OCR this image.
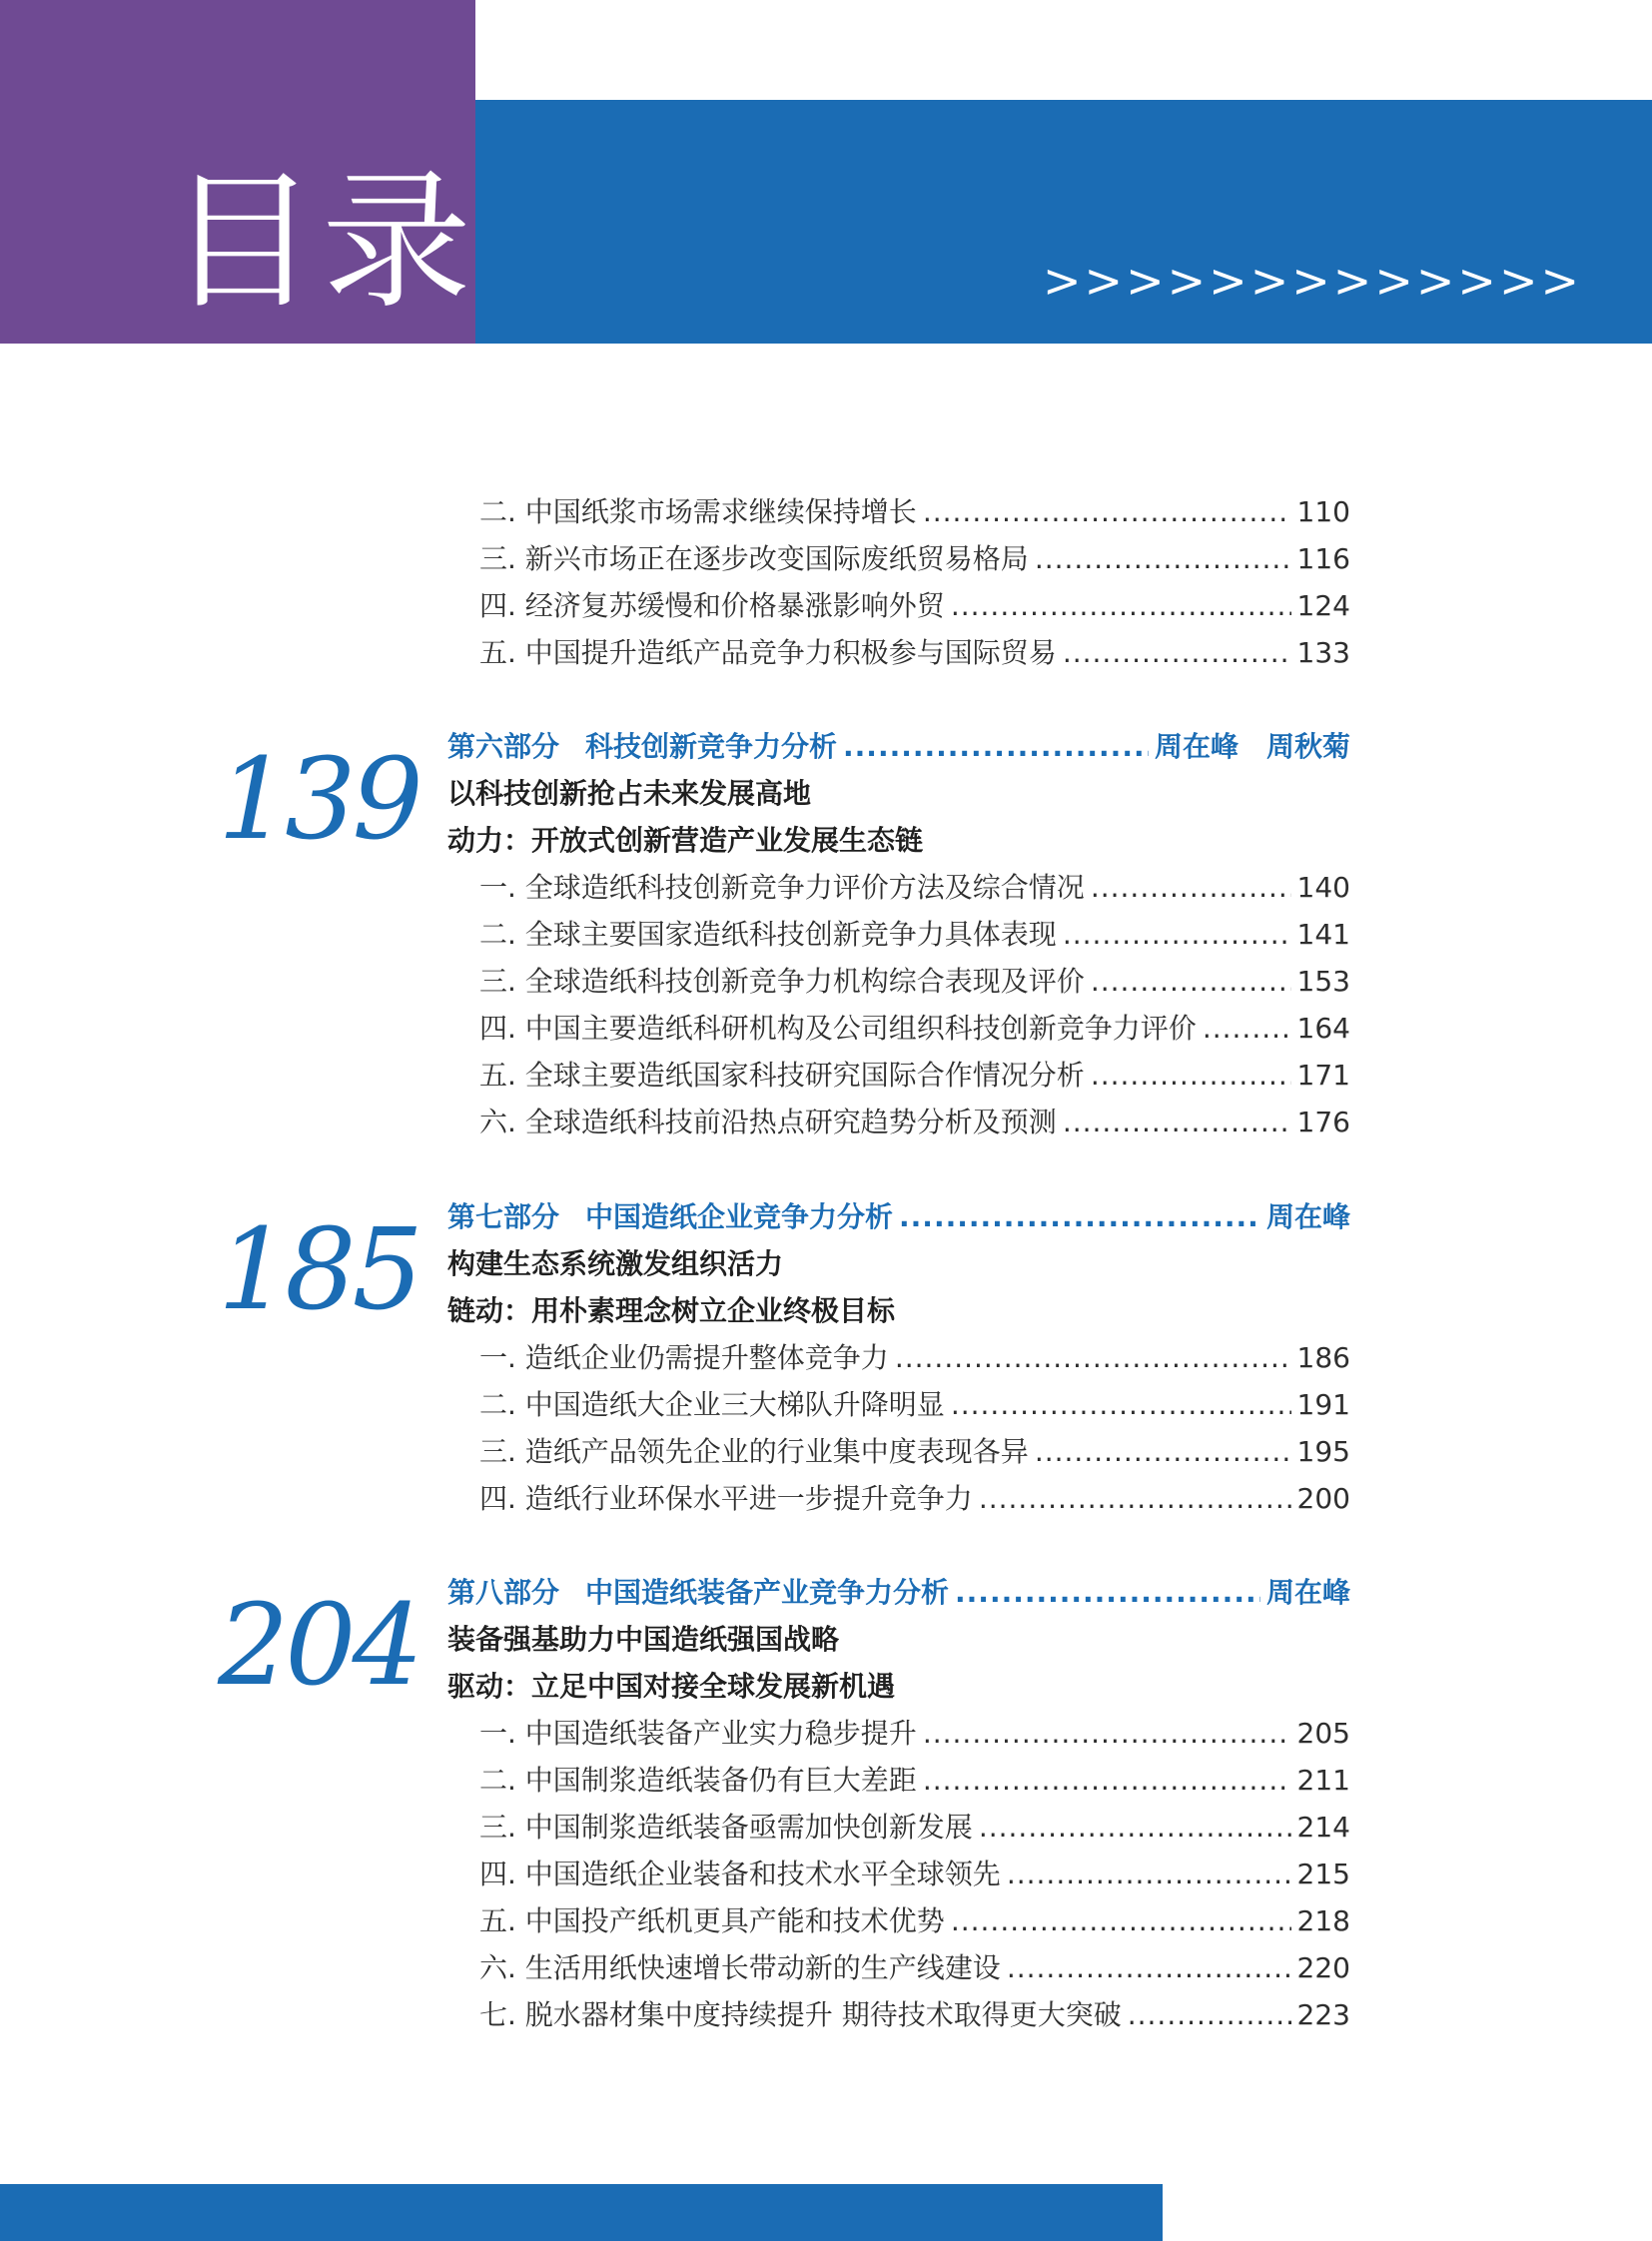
目录	>>>>>>>>>>>>>
二. 中国纸浆市场需求继续保持增长 .....	110
三. 新兴市场正在逐步改变国际废纸贸易格局 .....	116
四. 经济复苏缓慢和价格暴涨影响外贸 .....	124
五. 中国提升造纸产品竞争力积极参与国际贸易 .....	133
139 第六部分 科技创新竞争力分析 .....	周在峰　周秋菊
以科技创新抢占未来发展高地
动力：开放式创新营造产业发展生态链
一. 全球造纸科技创新竞争力评价方法及综合情况 .....	140
二. 全球主要国家造纸科技创新竞争力具体表现 .....	141
三. 全球造纸科技创新竞争力机构综合表现及评价 .....	153
四. 中国主要造纸科研机构及公司组织科技创新竞争力评价 .....	164
五. 全球主要造纸国家科技研究国际合作情况分析 .....	171
六. 全球造纸科技前沿热点研究趋势分析及预测 .....	176
185 第七部分 中国造纸企业竞争力分析 .....	周在峰
构建生态系统激发组织活力
链动：用朴素理念树立企业终极目标
一. 造纸企业仍需提升整体竞争力 .....	186
二. 中国造纸大企业三大梯队升降明显 .....	191
三. 造纸产品领先企业的行业集中度表现各异 .....	195
四. 造纸行业环保水平进一步提升竞争力 .....	200
204 第八部分 中国造纸装备产业竞争力分析 .....	周在峰
装备强基助力中国造纸强国战略
驱动：立足中国对接全球发展新机遇
一. 中国造纸装备产业实力稳步提升 .....	205
二. 中国制浆造纸装备仍有巨大差距 .....	211
三. 中国制浆造纸装备亟需加快创新发展 .....	214
四. 中国造纸企业装备和技术水平全球领先 .....	215
五. 中国投产纸机更具产能和技术优势 .....	218
六. 生活用纸快速增长带动新的生产线建设 .....	220
七. 脱水器材集中度持续提升 期待技术取得更大突破 .....	223
